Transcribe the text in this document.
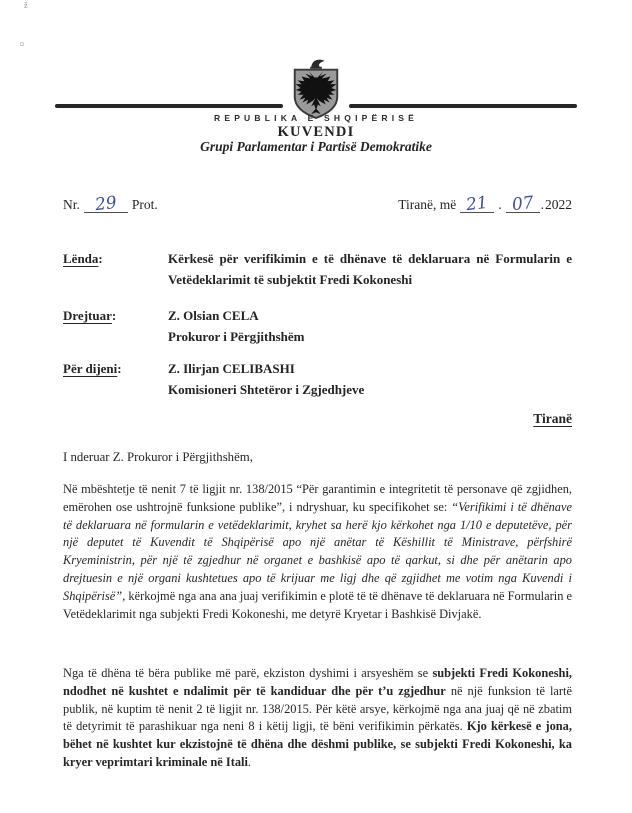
ž
¤
REPUBLIKA E SHQIPËRISË
KUVENDI
Grupi Parlamentar i Partisë Demokratike
Nr. 29	Prot.	Tiranë, më 21 . 07 . 2022
Lënda:	Kërkesë për verifikimin e të dhënave të deklaruara në Formularin e Vetëdeklarimit të subjektit Fredi Kokoneshi
Drejtuar:	Z. Olsian CELA
Prokuror i Përgjithshëm
Për dijeni:	Z. Ilirjan CELIBASHI
Komisioneri Shtetëror i Zgjedhjeve
Tiranë
I nderuar Z. Prokuror i Përgjithshëm,

Në mbështetje të nenit 7 të ligjit nr. 138/2015 “Për garantimin e integritetit të personave që zgjidhen, emërohen ose ushtrojnë funksione publike”, i ndryshuar, ku specifikohet se: “Verifikimi i të dhënave të deklaruara në formularin e vetëdeklarimit, kryhet sa herë kjo kërkohet nga 1/10 e deputetëve, për një deputet të Kuvendit të Shqipërisë apo një anëtar të Këshillit të Ministrave, përfshirë Kryeministrin, për një të zgjedhur në organet e bashkisë apo të qarkut, si dhe për anëtarin apo drejtuesin e një organi kushtetues apo të krijuar me ligj dhe që zgjidhet me votim nga Kuvendi i Shqipërisë”, kërkojmë nga ana ana juaj verifikimin e plotë të të dhënave të deklaruara në Formularin e Vetëdeklarimit nga subjekti Fredi Kokoneshi, me detyrë Kryetar i Bashkisë Divjakë.

Nga të dhëna të bëra publike më parë, ekziston dyshimi i arsyeshëm se subjekti Fredi Kokoneshi, ndodhet në kushtet e ndalimit për të kandiduar dhe për t’u zgjedhur në një funksion të lartë publik, në kuptim të nenit 2 të ligjit nr. 138/2015. Për këtë arsye, kërkojmë nga ana juaj që në zbatim të detyrimit të parashikuar nga neni 8 i këtij ligji, të bëni verifikimin përkatës. Kjo kërkesë e jona, bëhet në kushtet kur ekzistojnë të dhëna dhe dëshmi publike, se subjekti Fredi Kokoneshi, ka kryer veprimtari kriminale në Itali.
